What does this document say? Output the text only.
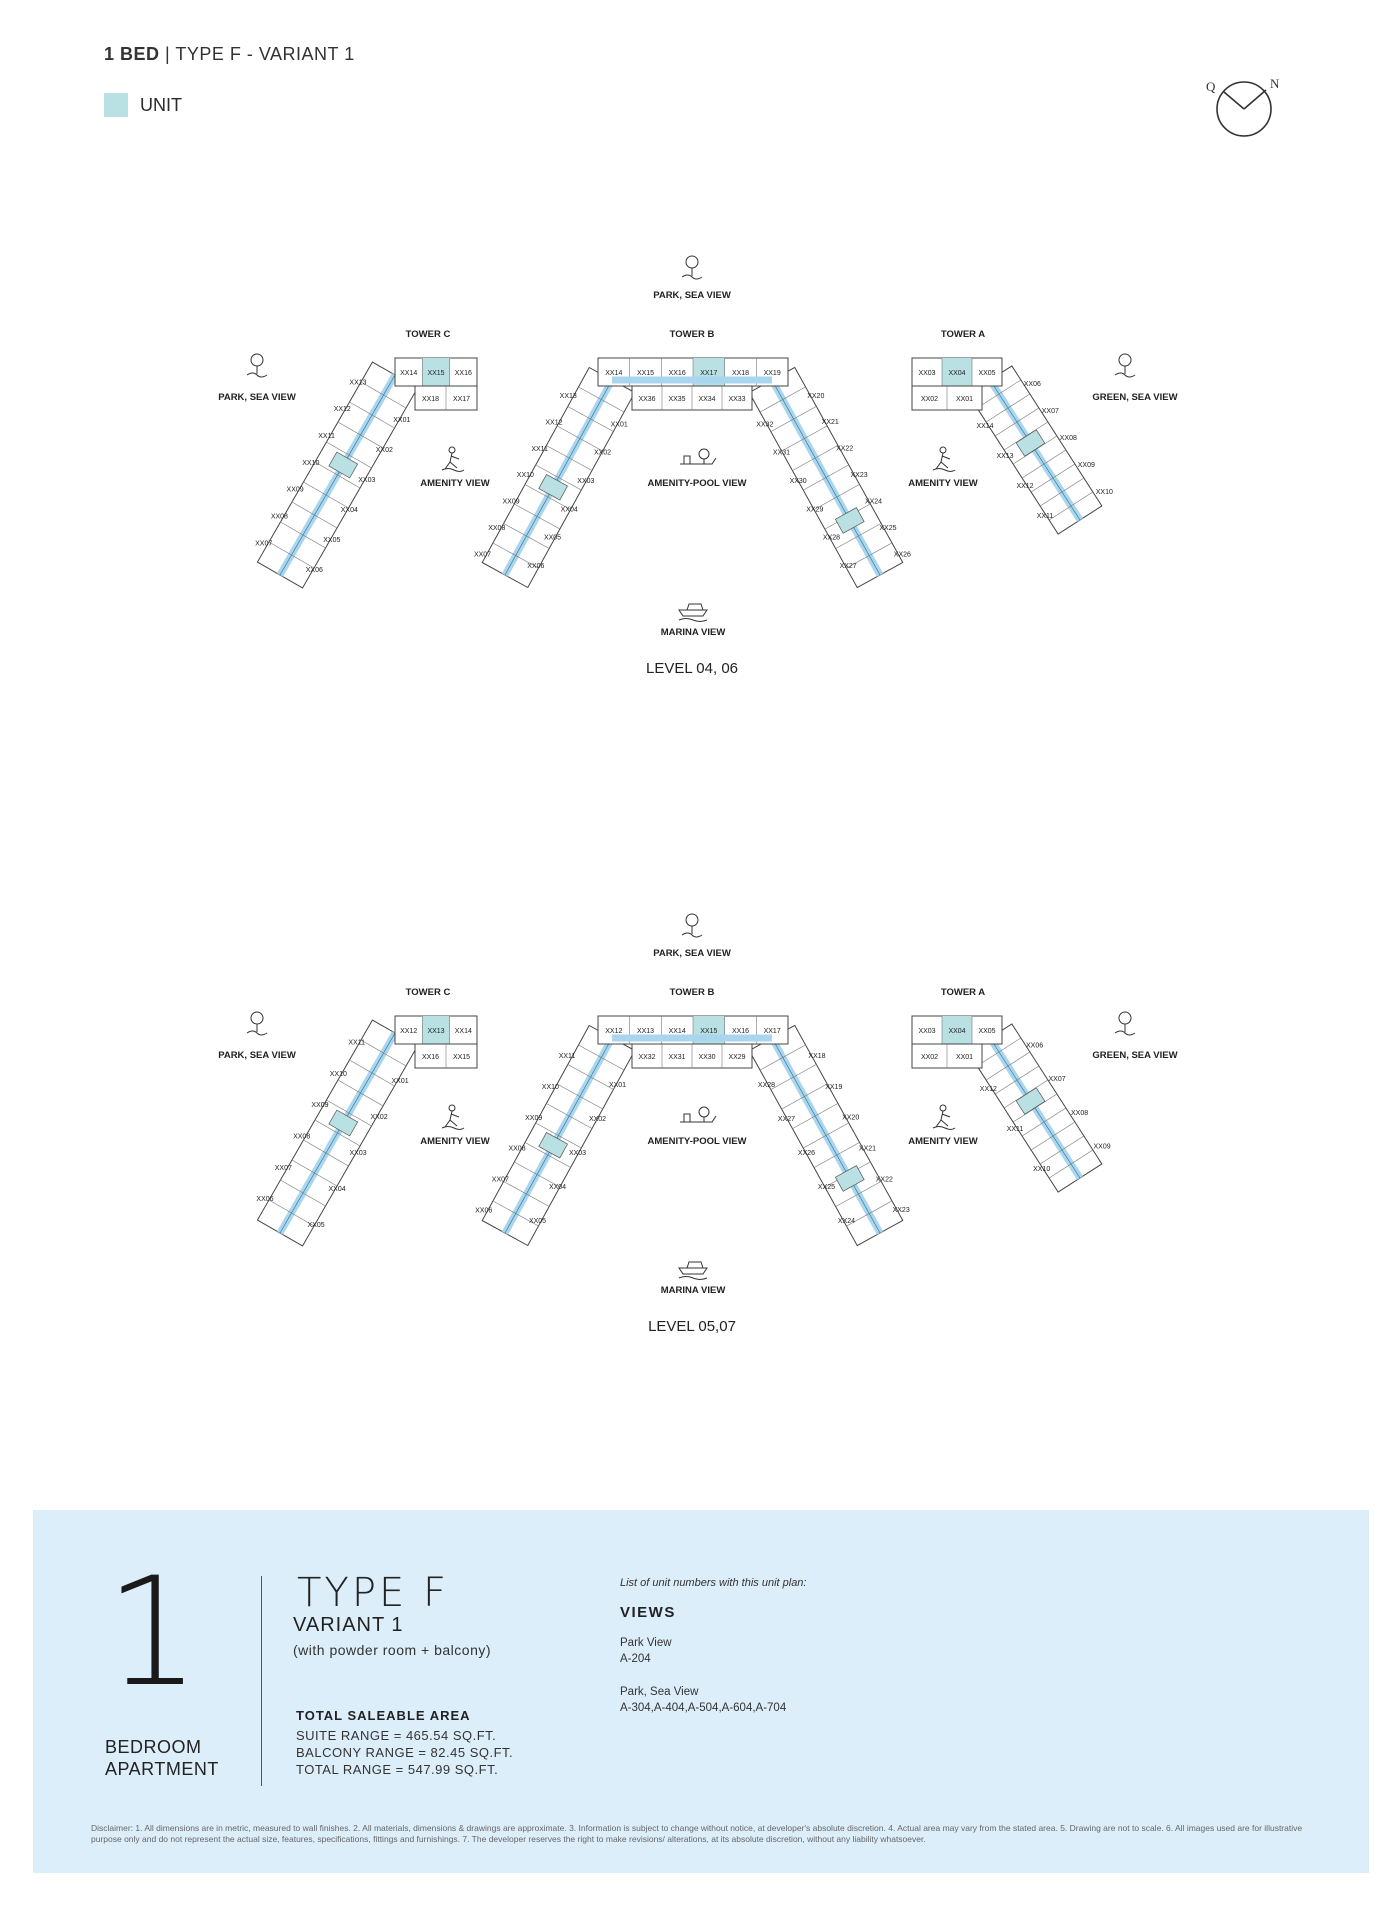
1 BED | TYPE F - VARIANT 1
UNIT
Q	N
PARK, SEA VIEW
PARK, SEA VIEW	GREEN, SEA VIEW
AMENITY VIEW	AMENITY-POOL VIEW	AMENITY VIEW
MARINA VIEW
LEVEL 04, 06
TOWER C	TOWER B	TOWER A
XX14 XX15 XX16
XX18 XX17
XX13
XX12
XX11
XX10
XX09
XX08
XX07
XX01
XX02
XX03
XX04
XX05
XX06
XX14 XX15 XX16 XX17 XX18 XX19
XX36 XX35 XX34 XX33
XX13
XX12
XX11
XX10
XX09
XX08
XX07
XX01
XX02
XX03
XX04
XX05
XX06
XX20
XX21
XX22
XX23
XX24
XX25
XX26
XX32
XX31
XX30
XX29
XX28
XX27
XX03 XX04 XX05
XX02	XX01
XX06
XX07
XX08
XX09
XX10
XX14
XX13
XX12
XX11
PARK, SEA VIEW
PARK, SEA VIEW	GREEN, SEA VIEW
AMENITY VIEW	AMENITY-POOL VIEW	AMENITY VIEW
MARINA VIEW
LEVEL 05,07
TOWER C	TOWER B	TOWER A
XX12 XX13 XX14
XX16 XX15
XX11
XX10
XX09
XX08
XX07
XX06
XX01
XX02
XX03
XX04
XX05
XX12 XX13 XX14 XX15 XX16 XX17
XX32 XX31 XX30 XX29
XX11
XX10
XX09
XX08
XX07
XX06
XX01
XX02
XX03
XX04
XX05
XX18
XX19
XX20
XX21
XX22
XX23
XX28
XX27
XX26
XX25
XX24
XX03 XX04 XX05
XX02	XX01
XX06
XX07
XX08
XX09
XX12
XX11
XX10
1
BEDROOM
APARTMENT
TYPE F
VARIANT 1
(with powder room + balcony)
TOTAL SALEABLE AREA
SUITE RANGE = 465.54 SQ.FT.
BALCONY RANGE = 82.45 SQ.FT.
TOTAL RANGE = 547.99 SQ.FT.
List of unit numbers with this unit plan:
VIEWS
Park View
A-204
Park, Sea View
A-304,A-404,A-504,A-604,A-704
Disclaimer: 1. All dimensions are in metric, measured to wall finishes. 2. All materials, dimensions & drawings are approximate. 3. Information is subject to change without notice, at developer's absolute discretion. 4. Actual area may vary from the stated area. 5. Drawing are not to scale. 6. All images used are for illustrative purpose only and do not represent the actual size, features, specifications, fittings and furnishings. 7. The developer reserves the right to make revisions/ alterations, at its absolute discretion, without any liability whatsoever.
